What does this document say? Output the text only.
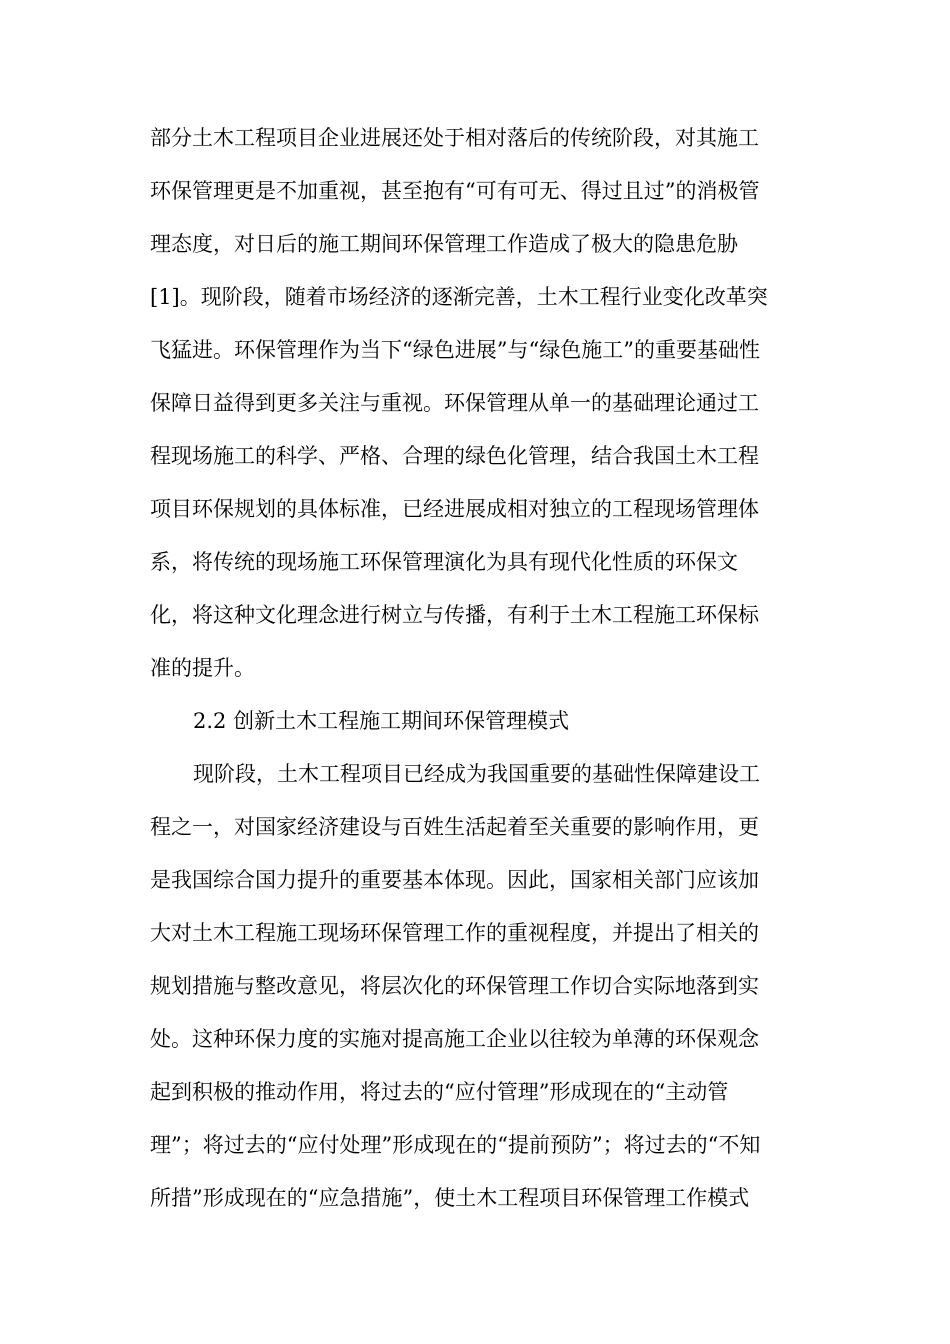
部分土木工程项目企业进展还处于相对落后的传统阶段，对其施工
环保管理更是不加重视，甚至抱有“可有可无、得过且过”的消极管
理态度，对日后的施工期间环保管理工作造成了极大的隐患危胁
[1]。现阶段，随着市场经济的逐渐完善，土木工程行业变化改革突
飞猛进。环保管理作为当下“绿色进展”与“绿色施工”的重要基础性
保障日益得到更多关注与重视。环保管理从单一的基础理论通过工
程现场施工的科学、严格、合理的绿色化管理，结合我国土木工程
项目环保规划的具体标准，已经进展成相对独立的工程现场管理体
系，将传统的现场施工环保管理演化为具有现代化性质的环保文
化，将这种文化理念进行树立与传播，有利于土木工程施工环保标
准的提升。
2.2 创新土木工程施工期间环保管理模式
现阶段，土木工程项目已经成为我国重要的基础性保障建设工
程之一，对国家经济建设与百姓生活起着至关重要的影响作用，更
是我国综合国力提升的重要基本体现。因此，国家相关部门应该加
大对土木工程施工现场环保管理工作的重视程度，并提出了相关的
规划措施与整改意见，将层次化的环保管理工作切合实际地落到实
处。这种环保力度的实施对提高施工企业以往较为单薄的环保观念
起到积极的推动作用，将过去的“应付管理”形成现在的“主动管
理”；将过去的“应付处理”形成现在的“提前预防”；将过去的“不知
所措”形成现在的“应急措施”，使土木工程项目环保管理工作模式
